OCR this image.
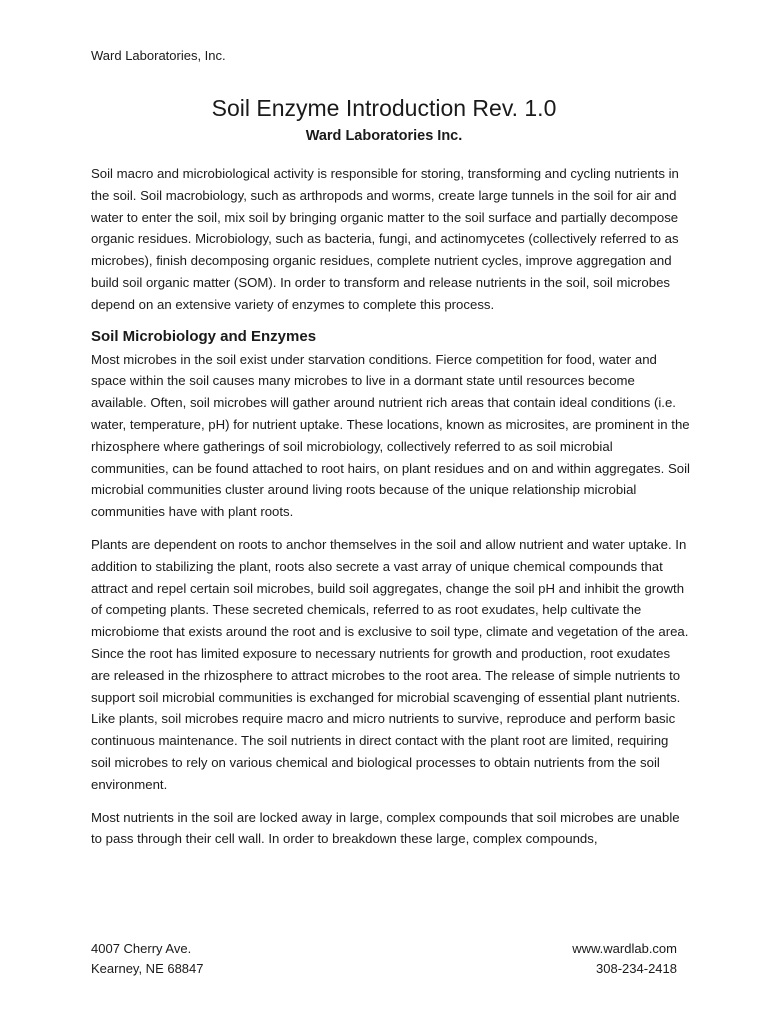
Ward Laboratories, Inc.
Soil Enzyme Introduction Rev. 1.0
Ward Laboratories Inc.

Soil macro and microbiological activity is responsible for storing, transforming and cycling nutrients in the soil. Soil macrobiology, such as arthropods and worms, create large tunnels in the soil for air and water to enter the soil, mix soil by bringing organic matter to the soil surface and partially decompose organic residues. Microbiology, such as bacteria, fungi, and actinomycetes (collectively referred to as microbes), finish decomposing organic residues, complete nutrient cycles, improve aggregation and build soil organic matter (SOM). In order to transform and release nutrients in the soil, soil microbes depend on an extensive variety of enzymes to complete this process.

Soil Microbiology and Enzymes

Most microbes in the soil exist under starvation conditions. Fierce competition for food, water and space within the soil causes many microbes to live in a dormant state until resources become available. Often, soil microbes will gather around nutrient rich areas that contain ideal conditions (i.e. water, temperature, pH) for nutrient uptake. These locations, known as microsites, are prominent in the rhizosphere where gatherings of soil microbiology, collectively referred to as soil microbial communities, can be found attached to root hairs, on plant residues and on and within aggregates. Soil microbial communities cluster around living roots because of the unique relationship microbial communities have with plant roots.

Plants are dependent on roots to anchor themselves in the soil and allow nutrient and water uptake. In addition to stabilizing the plant, roots also secrete a vast array of unique chemical compounds that attract and repel certain soil microbes, build soil aggregates, change the soil pH and inhibit the growth of competing plants. These secreted chemicals, referred to as root exudates, help cultivate the microbiome that exists around the root and is exclusive to soil type, climate and vegetation of the area. Since the root has limited exposure to necessary nutrients for growth and production, root exudates are released in the rhizosphere to attract microbes to the root area. The release of simple nutrients to support soil microbial communities is exchanged for microbial scavenging of essential plant nutrients. Like plants, soil microbes require macro and micro nutrients to survive, reproduce and perform basic continuous maintenance. The soil nutrients in direct contact with the plant root are limited, requiring soil microbes to rely on various chemical and biological processes to obtain nutrients from the soil environment.

Most nutrients in the soil are locked away in large, complex compounds that soil microbes are unable to pass through their cell wall. In order to breakdown these large, complex compounds,

4007 Cherry Ave.
Kearney, NE 68847
www.wardlab.com
308-234-2418
